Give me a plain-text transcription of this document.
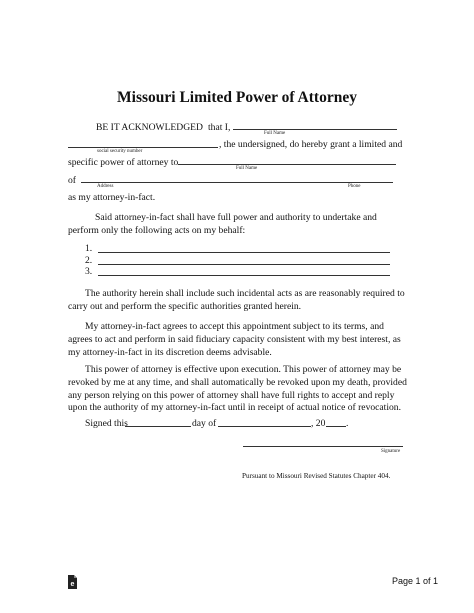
Missouri Limited Power of Attorney
BE IT ACKNOWLEDGED that I,
Full Name
, the undersigned, do hereby grant a limited and
social security number
specific power of attorney to
Full Name
of
Address	Phone
as my attorney-in-fact.
Said attorney-in-fact shall have full power and authority to undertake and perform only the following acts on my behalf:
1.
2.
3.
The authority herein shall include such incidental acts as are reasonably required to carry out and perform the specific authorities granted herein.
My attorney-in-fact agrees to accept this appointment subject to its terms, and agrees to act and perform in said fiduciary capacity consistent with my best interest, as my attorney-in-fact in its discretion deems advisable.
This power of attorney is effective upon execution. This power of attorney may be revoked by me at any time, and shall automatically be revoked upon my death, provided any person relying on this power of attorney shall have full rights to accept and reply upon the authority of my attorney-in-fact until in receipt of actual notice of revocation.
Signed this	day of	, 20 .
Signature
Pursuant to Missouri Revised Statutes Chapter 404.
e	Page 1 of 1
